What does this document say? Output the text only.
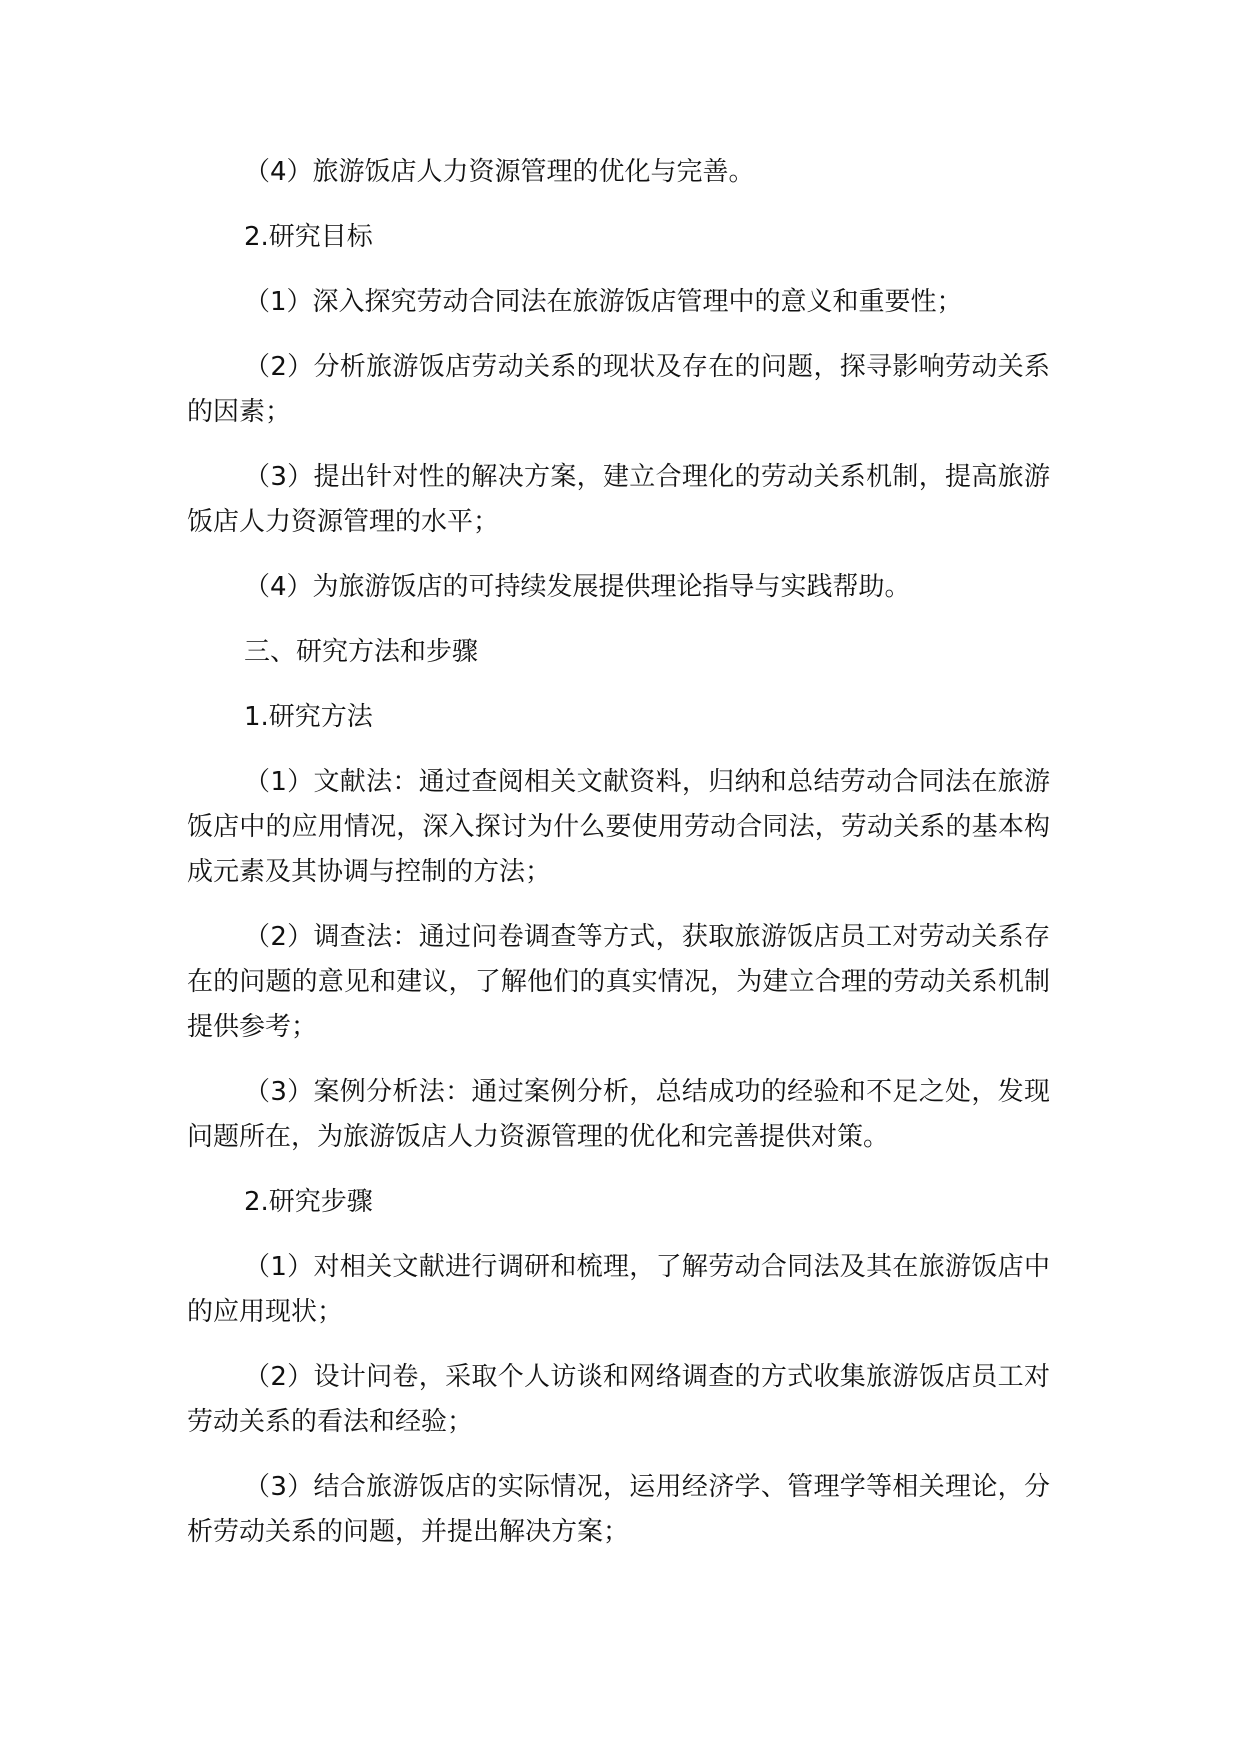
（4）旅游饭店人力资源管理的优化与完善。

2.研究目标

（1）深入探究劳动合同法在旅游饭店管理中的意义和重要性；

（2）分析旅游饭店劳动关系的现状及存在的问题，探寻影响劳动关系的因素；

（3）提出针对性的解决方案，建立合理化的劳动关系机制，提高旅游饭店人力资源管理的水平；

（4）为旅游饭店的可持续发展提供理论指导与实践帮助。

三、研究方法和步骤

1.研究方法

（1）文献法：通过查阅相关文献资料，归纳和总结劳动合同法在旅游饭店中的应用情况，深入探讨为什么要使用劳动合同法，劳动关系的基本构成元素及其协调与控制的方法；

（2）调查法：通过问卷调查等方式，获取旅游饭店员工对劳动关系存在的问题的意见和建议，了解他们的真实情况，为建立合理的劳动关系机制提供参考；

（3）案例分析法：通过案例分析，总结成功的经验和不足之处，发现问题所在，为旅游饭店人力资源管理的优化和完善提供对策。

2.研究步骤

（1）对相关文献进行调研和梳理，了解劳动合同法及其在旅游饭店中的应用现状；

（2）设计问卷，采取个人访谈和网络调查的方式收集旅游饭店员工对劳动关系的看法和经验；

（3）结合旅游饭店的实际情况，运用经济学、管理学等相关理论，分析劳动关系的问题，并提出解决方案；
